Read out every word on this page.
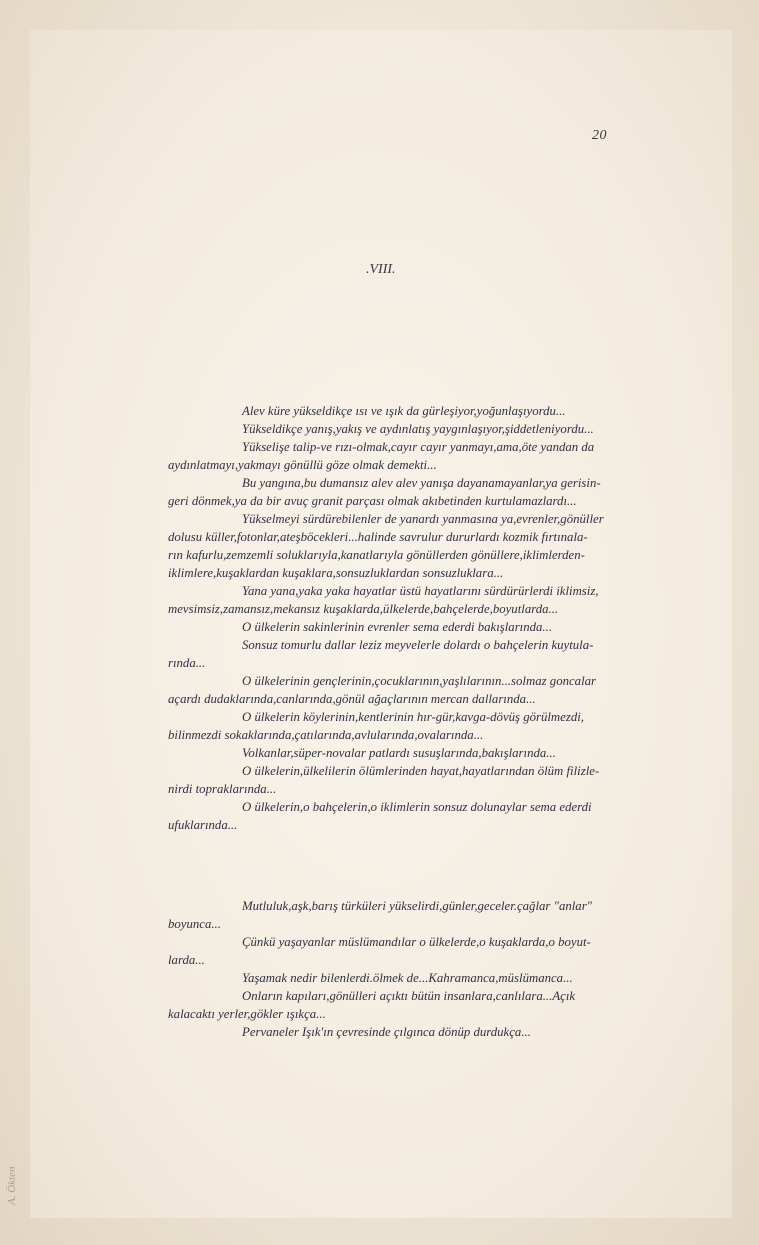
20
.VIII.
Alev küre yükseldikçe ısı ve ışık da gürleşiyor,yoğunlaşıyordu...
Yükseldikçe yanış,yakış ve aydınlatış yaygınlaşıyor,şiddetleniyordu...
Yükselişe talip-ve rızı-olmak,cayır cayır yanmayı,ama,öte yandan da
aydınlatmayı,yakmayı gönüllü göze olmak demekti...
Bu yangına,bu dumansız alev alev yanışa dayanamayanlar,ya gerisin-
geri dönmek,ya da bir avuç granit parçası olmak akıbetinden kurtulamazlardı...
Yükselmeyi sürdürebilenler de yanardı yanmasına ya,evrenler,gönüller
dolusu küller,fotonlar,ateşböcekleri...halinde savrulur dururlardı kozmik fırtınala-
rın kafurlu,zemzemli soluklarıyla,kanatlarıyla gönüllerden gönüllere,iklimlerden-
iklimlere,kuşaklardan kuşaklara,sonsuzluklardan sonsuzluklara...
Yana yana,yaka yaka hayatlar üstü hayatlarını sürdürürlerdi iklimsiz,
mevsimsiz,zamansız,mekansız kuşaklarda,ülkelerde,bahçelerde,boyutlarda...
O ülkelerin sakinlerinin evrenler sema ederdi bakışlarında...
Sonsuz tomurlu dallar leziz meyvelerle dolardı o bahçelerin kuytula-
rında...
O ülkelerinin gençlerinin,çocuklarının,yaşlılarının...solmaz goncalar
açardı dudaklarında,canlarında,gönül ağaçlarının mercan dallarında...
O ülkelerin köylerinin,kentlerinin hır-gür,kavga-dövüş görülmezdi,
bilinmezdi sokaklarında,çatılarında,avlularında,ovalarında...
Volkanlar,süper-novalar patlardı susuşlarında,bakışlarında...
O ülkelerin,ülkelilerin ölümlerinden hayat,hayatlarından ölüm filizle-
nirdi topraklarında...
O ülkelerin,o bahçelerin,o iklimlerin sonsuz dolunaylar sema ederdi
ufuklarında...
Mutluluk,aşk,barış türküleri yükselirdi,günler,geceler.çağlar "anlar"
boyunca...
Çünkü yaşayanlar müslümandılar o ülkelerde,o kuşaklarda,o boyut-
larda...
Yaşamak nedir bilenlerdi.ölmek de...Kahramanca,müslümanca...
Onların kapıları,gönülleri açıktı bütün insanlara,canlılara...Açık
kalacaktı yerler,gökler ışıkça...
Pervaneler Işık'ın çevresinde çılgınca dönüp durdukça...
A. Ökten
